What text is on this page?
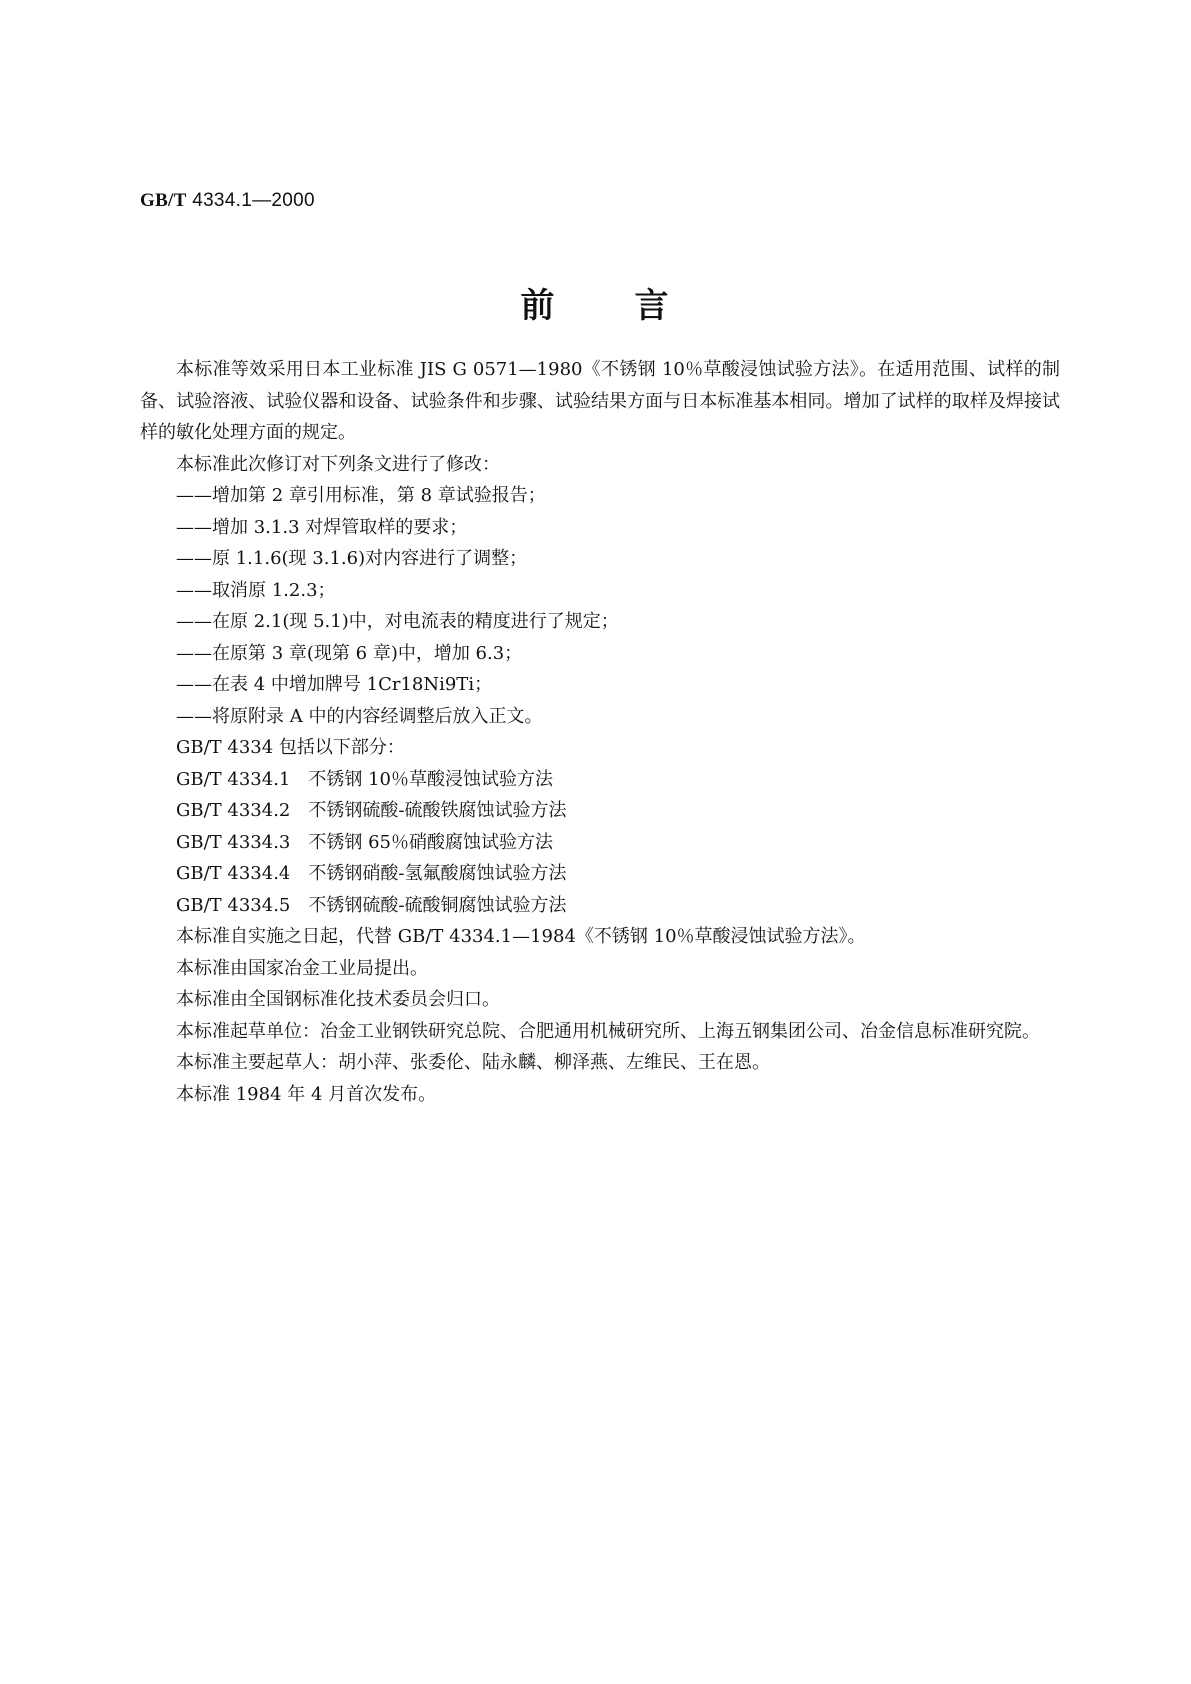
GB/T 4334.1—2000
前 言

本标准等效采用日本工业标准 JIS G 0571—1980《不锈钢 10％草酸浸蚀试验方法》。在适用范围、试样的制备、试验溶液、试验仪器和设备、试验条件和步骤、试验结果方面与日本标准基本相同。增加了试样的取样及焊接试样的敏化处理方面的规定。

本标准此次修订对下列条文进行了修改：

——增加第 2 章引用标准，第 8 章试验报告；

——增加 3.1.3 对焊管取样的要求；

——原 1.1.6(现 3.1.6)对内容进行了调整；

——取消原 1.2.3；

——在原 2.1(现 5.1)中，对电流表的精度进行了规定；

——在原第 3 章(现第 6 章)中，增加 6.3；

——在表 4 中增加牌号 1Cr18Ni9Ti；

——将原附录 A 中的内容经调整后放入正文。

GB/T 4334 包括以下部分：

GB/T 4334.1　不锈钢 10％草酸浸蚀试验方法

GB/T 4334.2　不锈钢硫酸-硫酸铁腐蚀试验方法

GB/T 4334.3　不锈钢 65％硝酸腐蚀试验方法

GB/T 4334.4　不锈钢硝酸-氢氟酸腐蚀试验方法

GB/T 4334.5　不锈钢硫酸-硫酸铜腐蚀试验方法

本标准自实施之日起，代替 GB/T 4334.1—1984《不锈钢 10％草酸浸蚀试验方法》。

本标准由国家冶金工业局提出。

本标准由全国钢标准化技术委员会归口。

本标准起草单位：冶金工业钢铁研究总院、合肥通用机械研究所、上海五钢集团公司、冶金信息标准研究院。

本标准主要起草人：胡小萍、张委伦、陆永麟、柳泽燕、左维民、王在恩。

本标准 1984 年 4 月首次发布。
